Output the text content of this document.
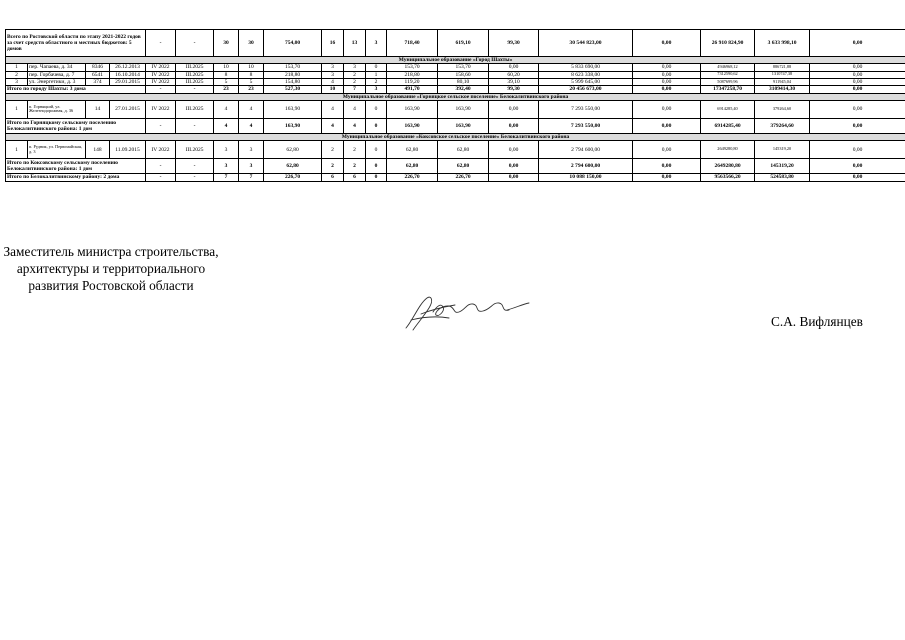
Всего по Ростовской области по этапу 2021-2022 годов за счет средств областного и местных бюджетов: 5 домов				-	-	30	30	754,00	16	13	3	718,40	619,10	99,30	30 544 823,00	0,00	26 910 824,90	3 633 998,10	0,00
Муниципальное образование «Город Шахты»																			
1	пер. Чапаева, д. 34	8346	26.12.2013	IV 2022	III.2025	10	10	153,70	3	3	0	153,70	153,70	0,00	5 833 690,00	0,00	4946968,12	886721,88	0,00
2	пер. Горбачева, д. 7	6541	16.10.2014	IV 2022	III.2025	8	8	218,80	3	2	1	218,80	158,60	60,20	8 623 338,00	0,00	7312590,62	1310747,38	0,00
3	ул. Энергетики, д. 3	374	29.01.2015	IV 2022	III.2025	5	5	154,80	4	2	2	119,20	80,10	39,10	5 999 645,00	0,00	5087699,96	911945,04	0,00
Итого по городу Шахты: 3 дома				-	-	23	23	527,30	10	7	3	491,70	392,40	99,30	20 456 673,00	0,00	17347258,70	3109414,30	0,00
Муниципальное образование «Горняцкое сельское поселение» Белокалитвинского района																			
1	п. Горняцкий, ул. Железнодорожная, д. 36	14	27.01.2015	IV 2022	III.2025	4	4	163,90	4	4	0	163,90	163,90	0,00	7 293 550,00	0,00	6914285,40	379264,60	0,00
Итого по Горняцкому сельскому поселению Белокалитвинского района: 1 дом				-	-	4	4	163,90	4	4	0	163,90	163,90	0,00	7 293 550,00	0,00	6914285,40	379264,60	0,00
Муниципальное образование «Коксовское сельское поселение» Белокалитвинского района																			
1	п. Рудник, ул. Первомайская, д. 3	148	11.09.2015	IV 2022	III.2025	3	3	62,80	2	2	0	62,80	62,80	0,00	2 794 600,00	0,00	2649280,80	145319,20	0,00
Итого по Коксовскому сельскому поселению Белокалитвинского района: 1 дом				-	-	3	3	62,80	2	2	0	62,80	62,80	0,00	2 794 600,00	0,00	2649280,80	145319,20	0,00
Итого по Белокалитвинскому району: 2 дома				-	-	7	7	226,70	6	6	0	226,70	226,70	0,00	10 088 150,00	0,00	9563566,20	524583,80	0,00
Заместитель министра строительства, архитектуры и территориального развития Ростовской области
С.А. Вифлянцев
